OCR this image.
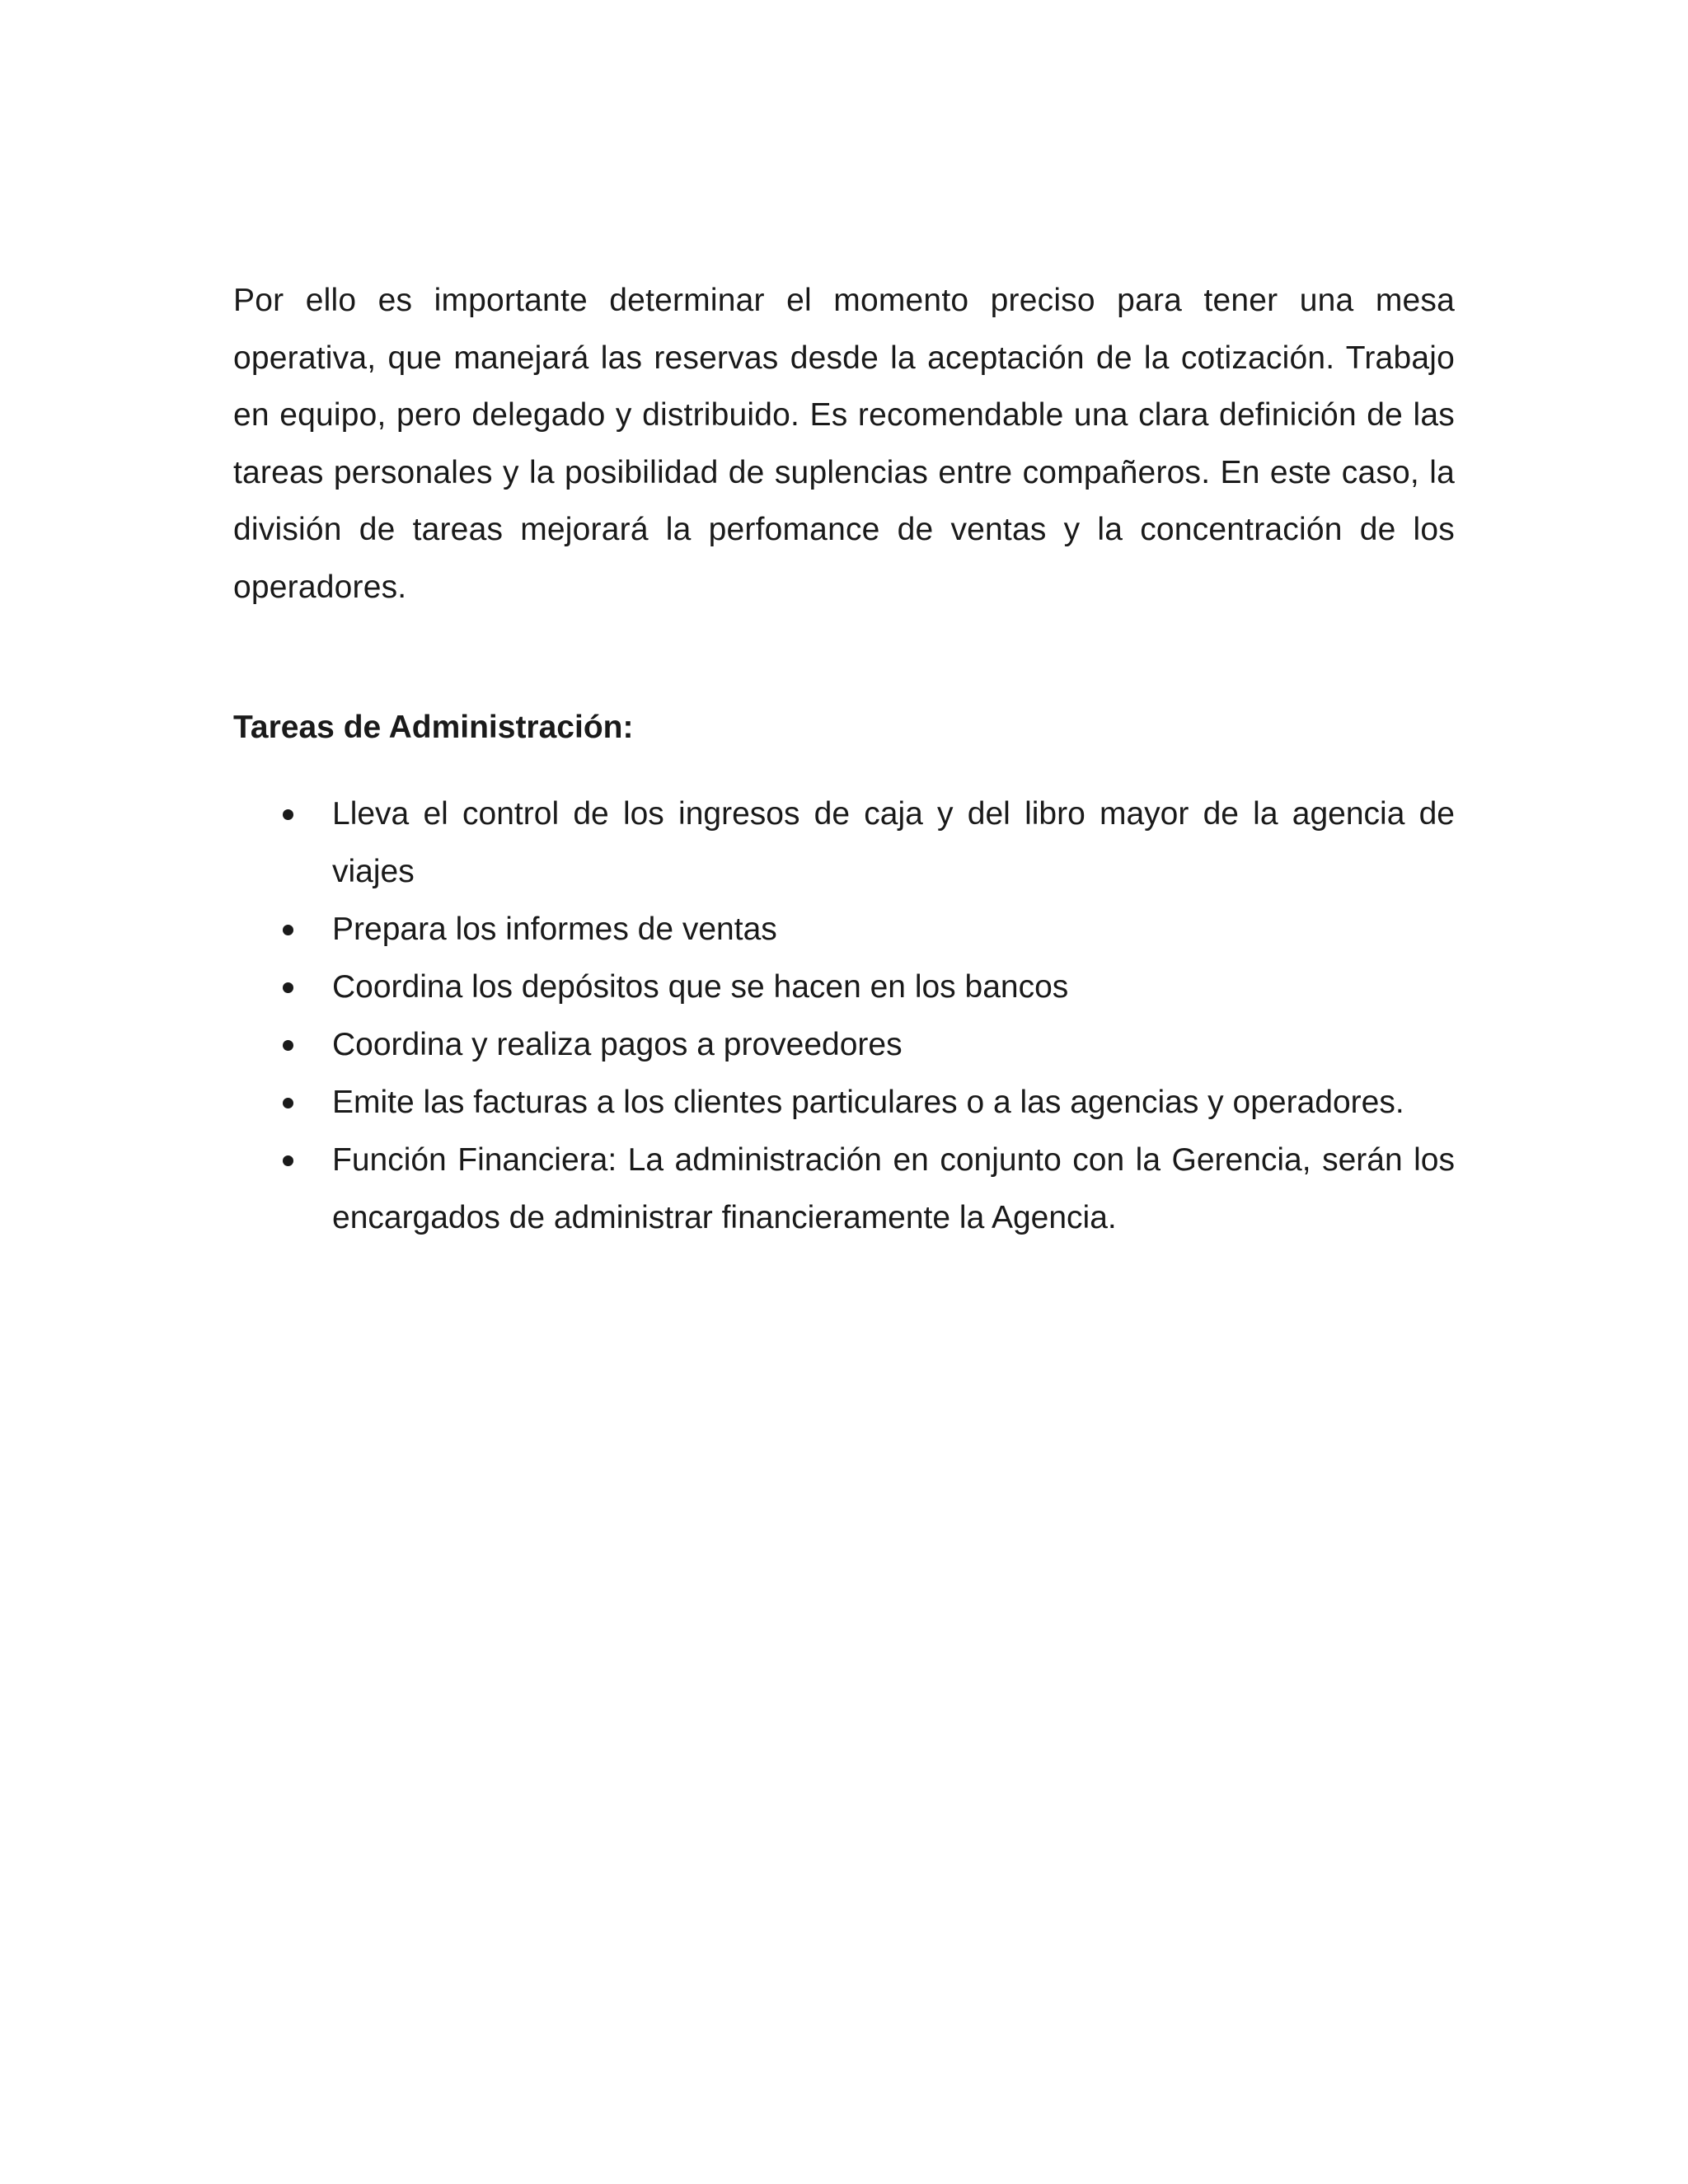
Por ello es importante determinar el momento preciso para tener una mesa operativa, que manejará las reservas desde la aceptación de la cotización. Trabajo en equipo, pero delegado y distribuido. Es recomendable una clara definición de las tareas personales y la posibilidad de suplencias entre compañeros. En este caso, la división de tareas mejorará la perfomance de ventas y la concentración de los operadores.

Tareas de Administración:
Lleva el control de los ingresos de caja y del libro mayor de la agencia de viajes
Prepara los informes de ventas
Coordina los depósitos que se hacen en los bancos
Coordina y realiza pagos a proveedores
Emite las facturas a los clientes particulares o a las agencias y operadores.
Función Financiera: La administración en conjunto con la Gerencia, serán los encargados de administrar financieramente la Agencia.
